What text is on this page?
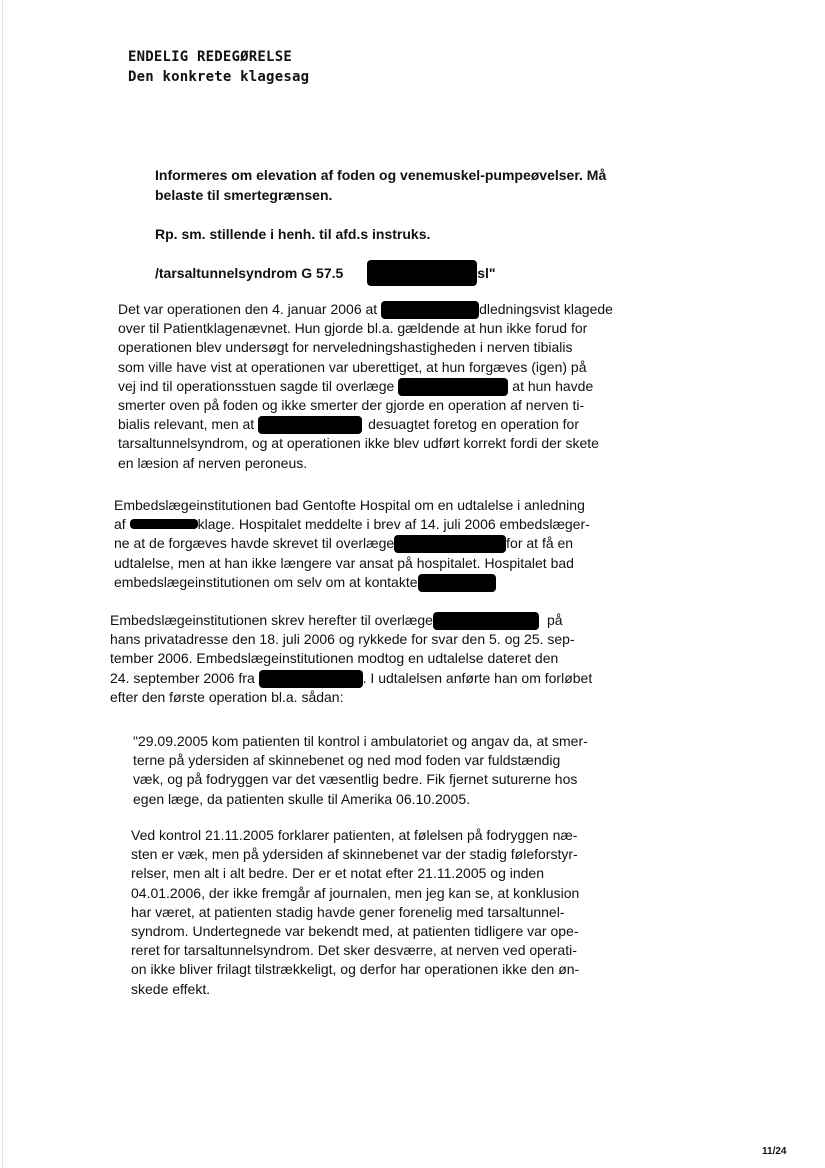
ENDELIG REDEGØRELSE
Den konkrete klagesag
Informeres om elevation af foden og venemuskel-pumpeøvelser. Må belaste til smertegrænsen.
Rp. sm. stillende i henh. til afd.s instruks.
/tarsaltunnelsyndrom G 57.5	sl"
Det var operationen den 4. januar 2006 at	dledningsvist klagede
over til Patientklagenævnet. Hun gjorde bl.a. gældende at hun ikke forud for
operationen blev undersøgt for nerveledningshastigheden i nerven tibialis
som ville have vist at operationen var uberettiget, at hun forgæves (igen) på
vej ind til operationsstuen sagde til overlæge	at hun havde
smerter oven på foden og ikke smerter der gjorde en operation af nerven ti-
bialis relevant, men at	desuagtet foretog en operation for
tarsaltunnelsyndrom, og at operationen ikke blev udført korrekt fordi der skete
en læsion af nerven peroneus.
Embedslægeinstitutionen bad Gentofte Hospital om en udtalelse i anledning
af	klage. Hospitalet meddelte i brev af 14. juli 2006 embedslæger-
ne at de forgæves havde skrevet til overlæge	for at få en
udtalelse, men at han ikke længere var ansat på hospitalet. Hospitalet bad
embedslægeinstitutionen om selv om at kontakte
Embedslægeinstitutionen skrev herefter til overlæge	på
hans privatadresse den 18. juli 2006 og rykkede for svar den 5. og 25. sep-
tember 2006. Embedslægeinstitutionen modtog en udtalelse dateret den
24. september 2006 fra	. I udtalelsen anførte han om forløbet
efter den første operation bl.a. sådan:
"29.09.2005 kom patienten til kontrol i ambulatoriet og angav da, at smer-
terne på ydersiden af skinnebenet og ned mod foden var fuldstændig
væk, og på fodryggen var det væsentlig bedre. Fik fjernet suturerne hos
egen læge, da patienten skulle til Amerika 06.10.2005.
Ved kontrol 21.11.2005 forklarer patienten, at følelsen på fodryggen næ-
sten er væk, men på ydersiden af skinnebenet var der stadig føleforstyr-
relser, men alt i alt bedre. Der er et notat efter 21.11.2005 og inden
04.01.2006, der ikke fremgår af journalen, men jeg kan se, at konklusion
har været, at patienten stadig havde gener forenelig med tarsaltunnel-
syndrom. Undertegnede var bekendt med, at patienten tidligere var ope-
reret for tarsaltunnelsyndrom. Det sker desværre, at nerven ved operati-
on ikke bliver frilagt tilstrækkeligt, og derfor har operationen ikke den øn-
skede effekt.
11/24
